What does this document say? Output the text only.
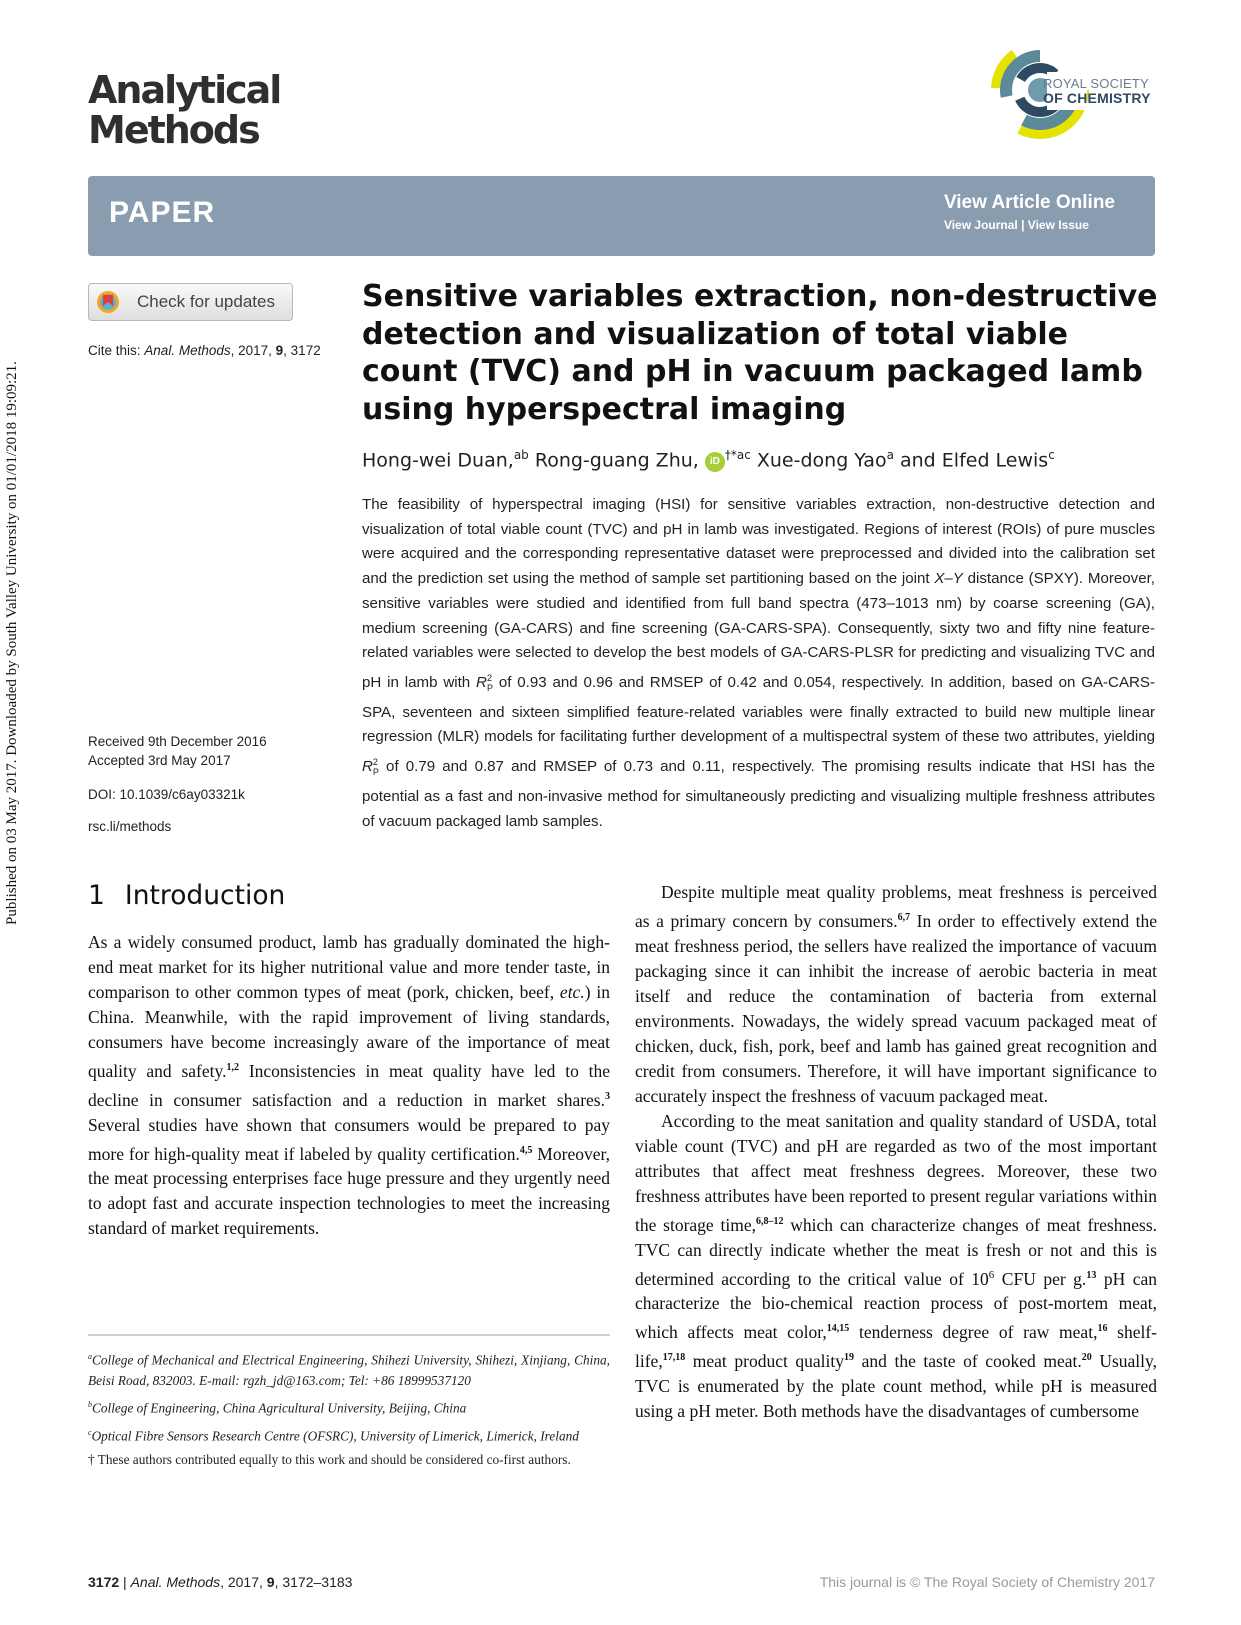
Published on 03 May 2017. Downloaded by South Valley University on 01/01/2018 19:09:21.
Analytical
Methods
ROYAL SOCIETY
OF CHEMISTRY
PAPER	View Article Online
View Journal | View Issue
Check for updates
Cite this: Anal. Methods, 2017, 9, 3172
Received 9th December 2016
Accepted 3rd May 2017
DOI: 10.1039/c6ay03321k
rsc.li/methods
Sensitive variables extraction, non-destructive detection and visualization of total viable count (TVC) and pH in vacuum packaged lamb using hyperspectral imaging
Hong-wei Duan,$^{ab}$ Rong-guang Zhu, iD $^{\dagger*ac}$ Xue-dong Yao$^a$ and Elfed Lewis$^c$
The feasibility of hyperspectral imaging (HSI) for sensitive variables extraction, non-destructive detection and visualization of total viable count (TVC) and pH in lamb was investigated. Regions of interest (ROIs) of pure muscles were acquired and the corresponding representative dataset were preprocessed and divided into the calibration set and the prediction set using the method of sample set partitioning based on the joint X–Y distance (SPXY). Moreover, sensitive variables were studied and identified from full band spectra (473–1013 nm) by coarse screening (GA), medium screening (GA-CARS) and fine screening (GA-CARS-SPA). Consequently, sixty two and fifty nine feature-related variables were selected to develop the best models of GA-CARS-PLSR for predicting and visualizing TVC and pH in lamb with $R^2_P$ of 0.93 and 0.96 and RMSEP of 0.42 and 0.054, respectively. In addition, based on GA-CARS-SPA, seventeen and sixteen simplified feature-related variables were finally extracted to build new multiple linear regression (MLR) models for facilitating further development of a multispectral system of these two attributes, yielding $R^2_P$ of 0.79 and 0.87 and RMSEP of 0.73 and 0.11, respectively. The promising results indicate that HSI has the potential as a fast and non-invasive method for simultaneously predicting and visualizing multiple freshness attributes of vacuum packaged lamb samples.
1 Introduction

As a widely consumed product, lamb has gradually dominated the high-end meat market for its higher nutritional value and more tender taste, in comparison to other common types of meat (pork, chicken, beef, etc.) in China. Meanwhile, with the rapid improvement of living standards, consumers have become increasingly aware of the importance of meat quality and safety.$^{1,2}$ Inconsistencies in meat quality have led to the decline in consumer satisfaction and a reduction in market shares.$^3$ Several studies have shown that consumers would be prepared to pay more for high-quality meat if labeled by quality certification.$^{4,5}$ Moreover, the meat processing enterprises face huge pressure and they urgently need to adopt fast and accurate inspection technologies to meet the increasing standard of market requirements.

Despite multiple meat quality problems, meat freshness is perceived as a primary concern by consumers.$^{6,7}$ In order to effectively extend the meat freshness period, the sellers have realized the importance of vacuum packaging since it can inhibit the increase of aerobic bacteria in meat itself and reduce the contamination of bacteria from external environments. Nowadays, the widely spread vacuum packaged meat of chicken, duck, fish, pork, beef and lamb has gained great recognition and credit from consumers. Therefore, it will have important significance to accurately inspect the freshness of vacuum packaged meat.

According to the meat sanitation and quality standard of USDA, total viable count (TVC) and pH are regarded as two of the most important attributes that affect meat freshness degrees. Moreover, these two freshness attributes have been reported to present regular variations within the storage time,$^{6,8-12}$ which can characterize changes of meat freshness. TVC can directly indicate whether the meat is fresh or not and this is determined according to the critical value of $10^6$ CFU per g.$^{13}$ pH can characterize the bio-chemical reaction process of post-mortem meat, which affects meat color,$^{14,15}$ tenderness degree of raw meat,$^{16}$ shelf-life,$^{17,18}$ meat product quality$^{19}$ and the taste of cooked meat.$^{20}$ Usually, TVC is enumerated by the plate count method, while pH is measured using a pH meter. Both methods have the disadvantages of cumbersome

$^a$College of Mechanical and Electrical Engineering, Shihezi University, Shihezi, Xinjiang, China, Beisi Road, 832003. E-mail: rgzh_jd@163.com; Tel: +86 18999537120

$^b$College of Engineering, China Agricultural University, Beijing, China

$^c$Optical Fibre Sensors Research Centre (OFSRC), University of Limerick, Limerick, Ireland

† These authors contributed equally to this work and should be considered co-first authors.

3172 | Anal. Methods, 2017, 9, 3172–3183	This journal is © The Royal Society of Chemistry 2017
